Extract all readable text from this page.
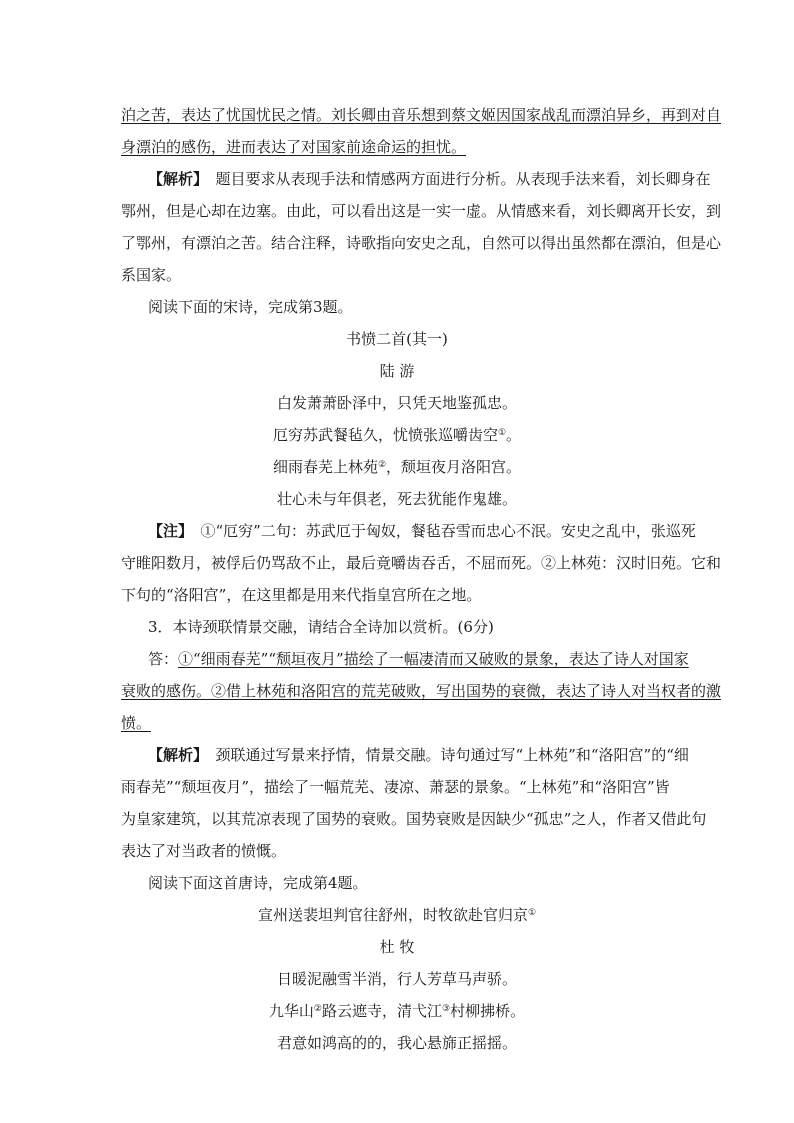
泊之苦，表达了忧国忧民之情。刘长卿由音乐想到蔡文姬因国家战乱而漂泊异乡，再到对自
身漂泊的感伤，进而表达了对国家前途命运的担忧。
【解析】　题目要求从表现手法和情感两方面进行分析。从表现手法来看，刘长卿身在
鄂州，但是心却在边塞。由此，可以看出这是一实一虚。从情感来看，刘长卿离开长安，到
了鄂州，有漂泊之苦。结合注释，诗歌指向安史之乱，自然可以得出虽然都在漂泊，但是心
系国家。
阅读下面的宋诗，完成第3题。
书愤二首(其一)
陆 游
白发萧萧卧泽中，只凭天地鉴孤忠。
厄穷苏武餐毡久，忧愤张巡嚼齿空①。
细雨春芜上林苑②，颓垣夜月洛阳宫。
壮心未与年俱老，死去犹能作鬼雄。
【注】　①“厄穷”二句：苏武厄于匈奴，餐毡吞雪而忠心不泯。安史之乱中，张巡死
守睢阳数月，被俘后仍骂敌不止，最后竟嚼齿吞舌，不屈而死。②上林苑：汉时旧苑。它和
下句的“洛阳宫”，在这里都是用来代指皇宫所在之地。
3．本诗颈联情景交融，请结合全诗加以赏析。(6分)
答：①“细雨春芜”“颓垣夜月”描绘了一幅凄清而又破败的景象，表达了诗人对国家
衰败的感伤。②借上林苑和洛阳宫的荒芜破败，写出国势的衰微，表达了诗人对当权者的激
愤。
【解析】　颈联通过写景来抒情，情景交融。诗句通过写“上林苑”和“洛阳宫”的“细
雨春芜”“颓垣夜月”，描绘了一幅荒芜、凄凉、萧瑟的景象。“上林苑”和“洛阳宫”皆
为皇家建筑，以其荒凉表现了国势的衰败。国势衰败是因缺少“孤忠”之人，作者又借此句
表达了对当政者的愤慨。
阅读下面这首唐诗，完成第4题。
宣州送裴坦判官往舒州，时牧欲赴官归京①
杜 牧
日暖泥融雪半消，行人芳草马声骄。
九华山②路云遮寺，清弋江③村柳拂桥。
君意如鸿高的的，我心悬旆正摇摇。
